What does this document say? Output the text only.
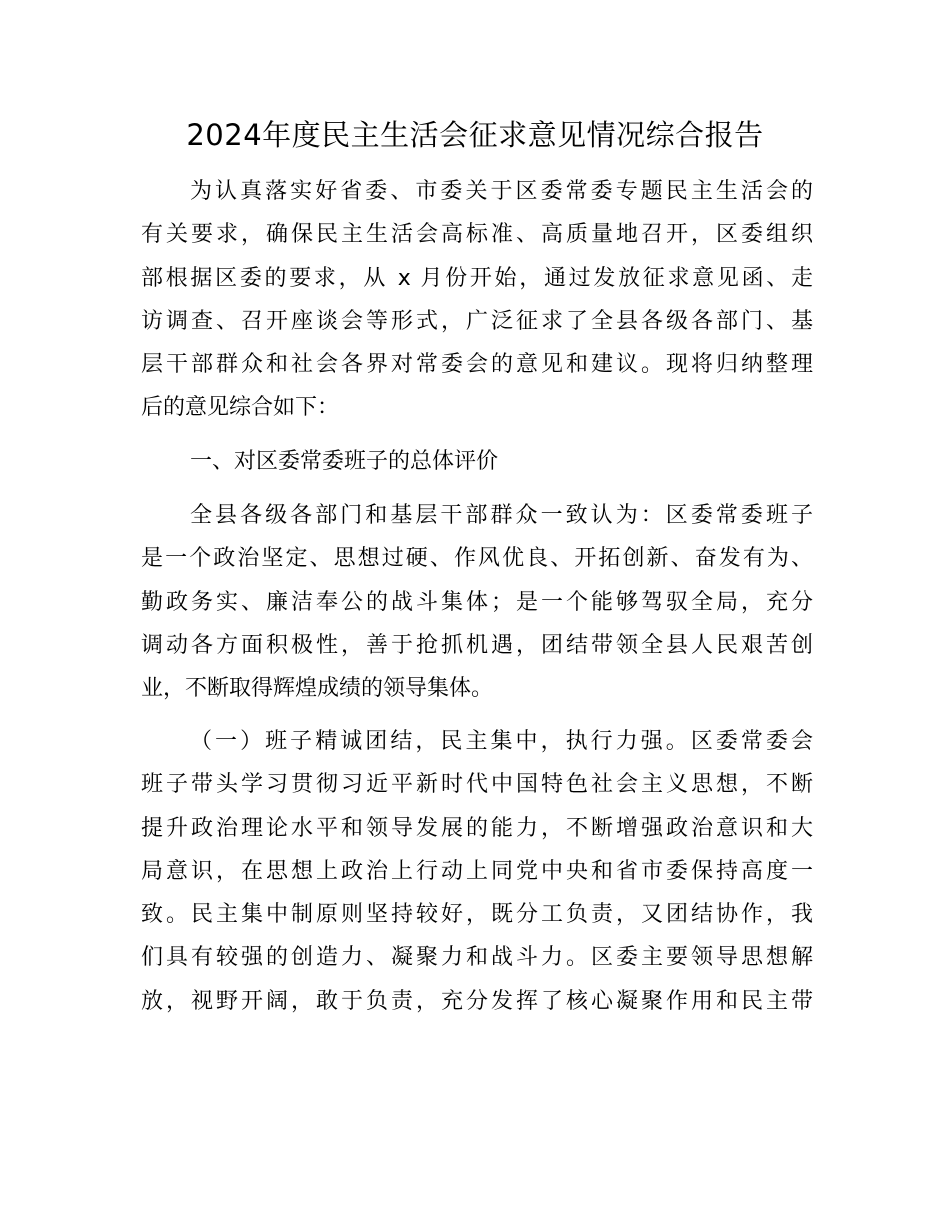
2024年度民主生活会征求意见情况综合报告
为认真落实好省委、市委关于区委常委专题民主生活会的
有关要求，确保民主生活会高标准、高质量地召开，区委组织
部根据区委的要求，从 x 月份开始，通过发放征求意见函、走
访调查、召开座谈会等形式，广泛征求了全县各级各部门、基
层干部群众和社会各界对常委会的意见和建议。现将归纳整理
后的意见综合如下：
一、对区委常委班子的总体评价
全县各级各部门和基层干部群众一致认为：区委常委班子
是一个政治坚定、思想过硬、作风优良、开拓创新、奋发有为、
勤政务实、廉洁奉公的战斗集体；是一个能够驾驭全局，充分
调动各方面积极性，善于抢抓机遇，团结带领全县人民艰苦创
业，不断取得辉煌成绩的领导集体。
（一）班子精诚团结，民主集中，执行力强。区委常委会
班子带头学习贯彻习近平新时代中国特色社会主义思想，不断
提升政治理论水平和领导发展的能力，不断增强政治意识和大
局意识，在思想上政治上行动上同党中央和省市委保持高度一
致。民主集中制原则坚持较好，既分工负责，又团结协作，我
们具有较强的创造力、凝聚力和战斗力。区委主要领导思想解
放，视野开阔，敢于负责，充分发挥了核心凝聚作用和民主带
